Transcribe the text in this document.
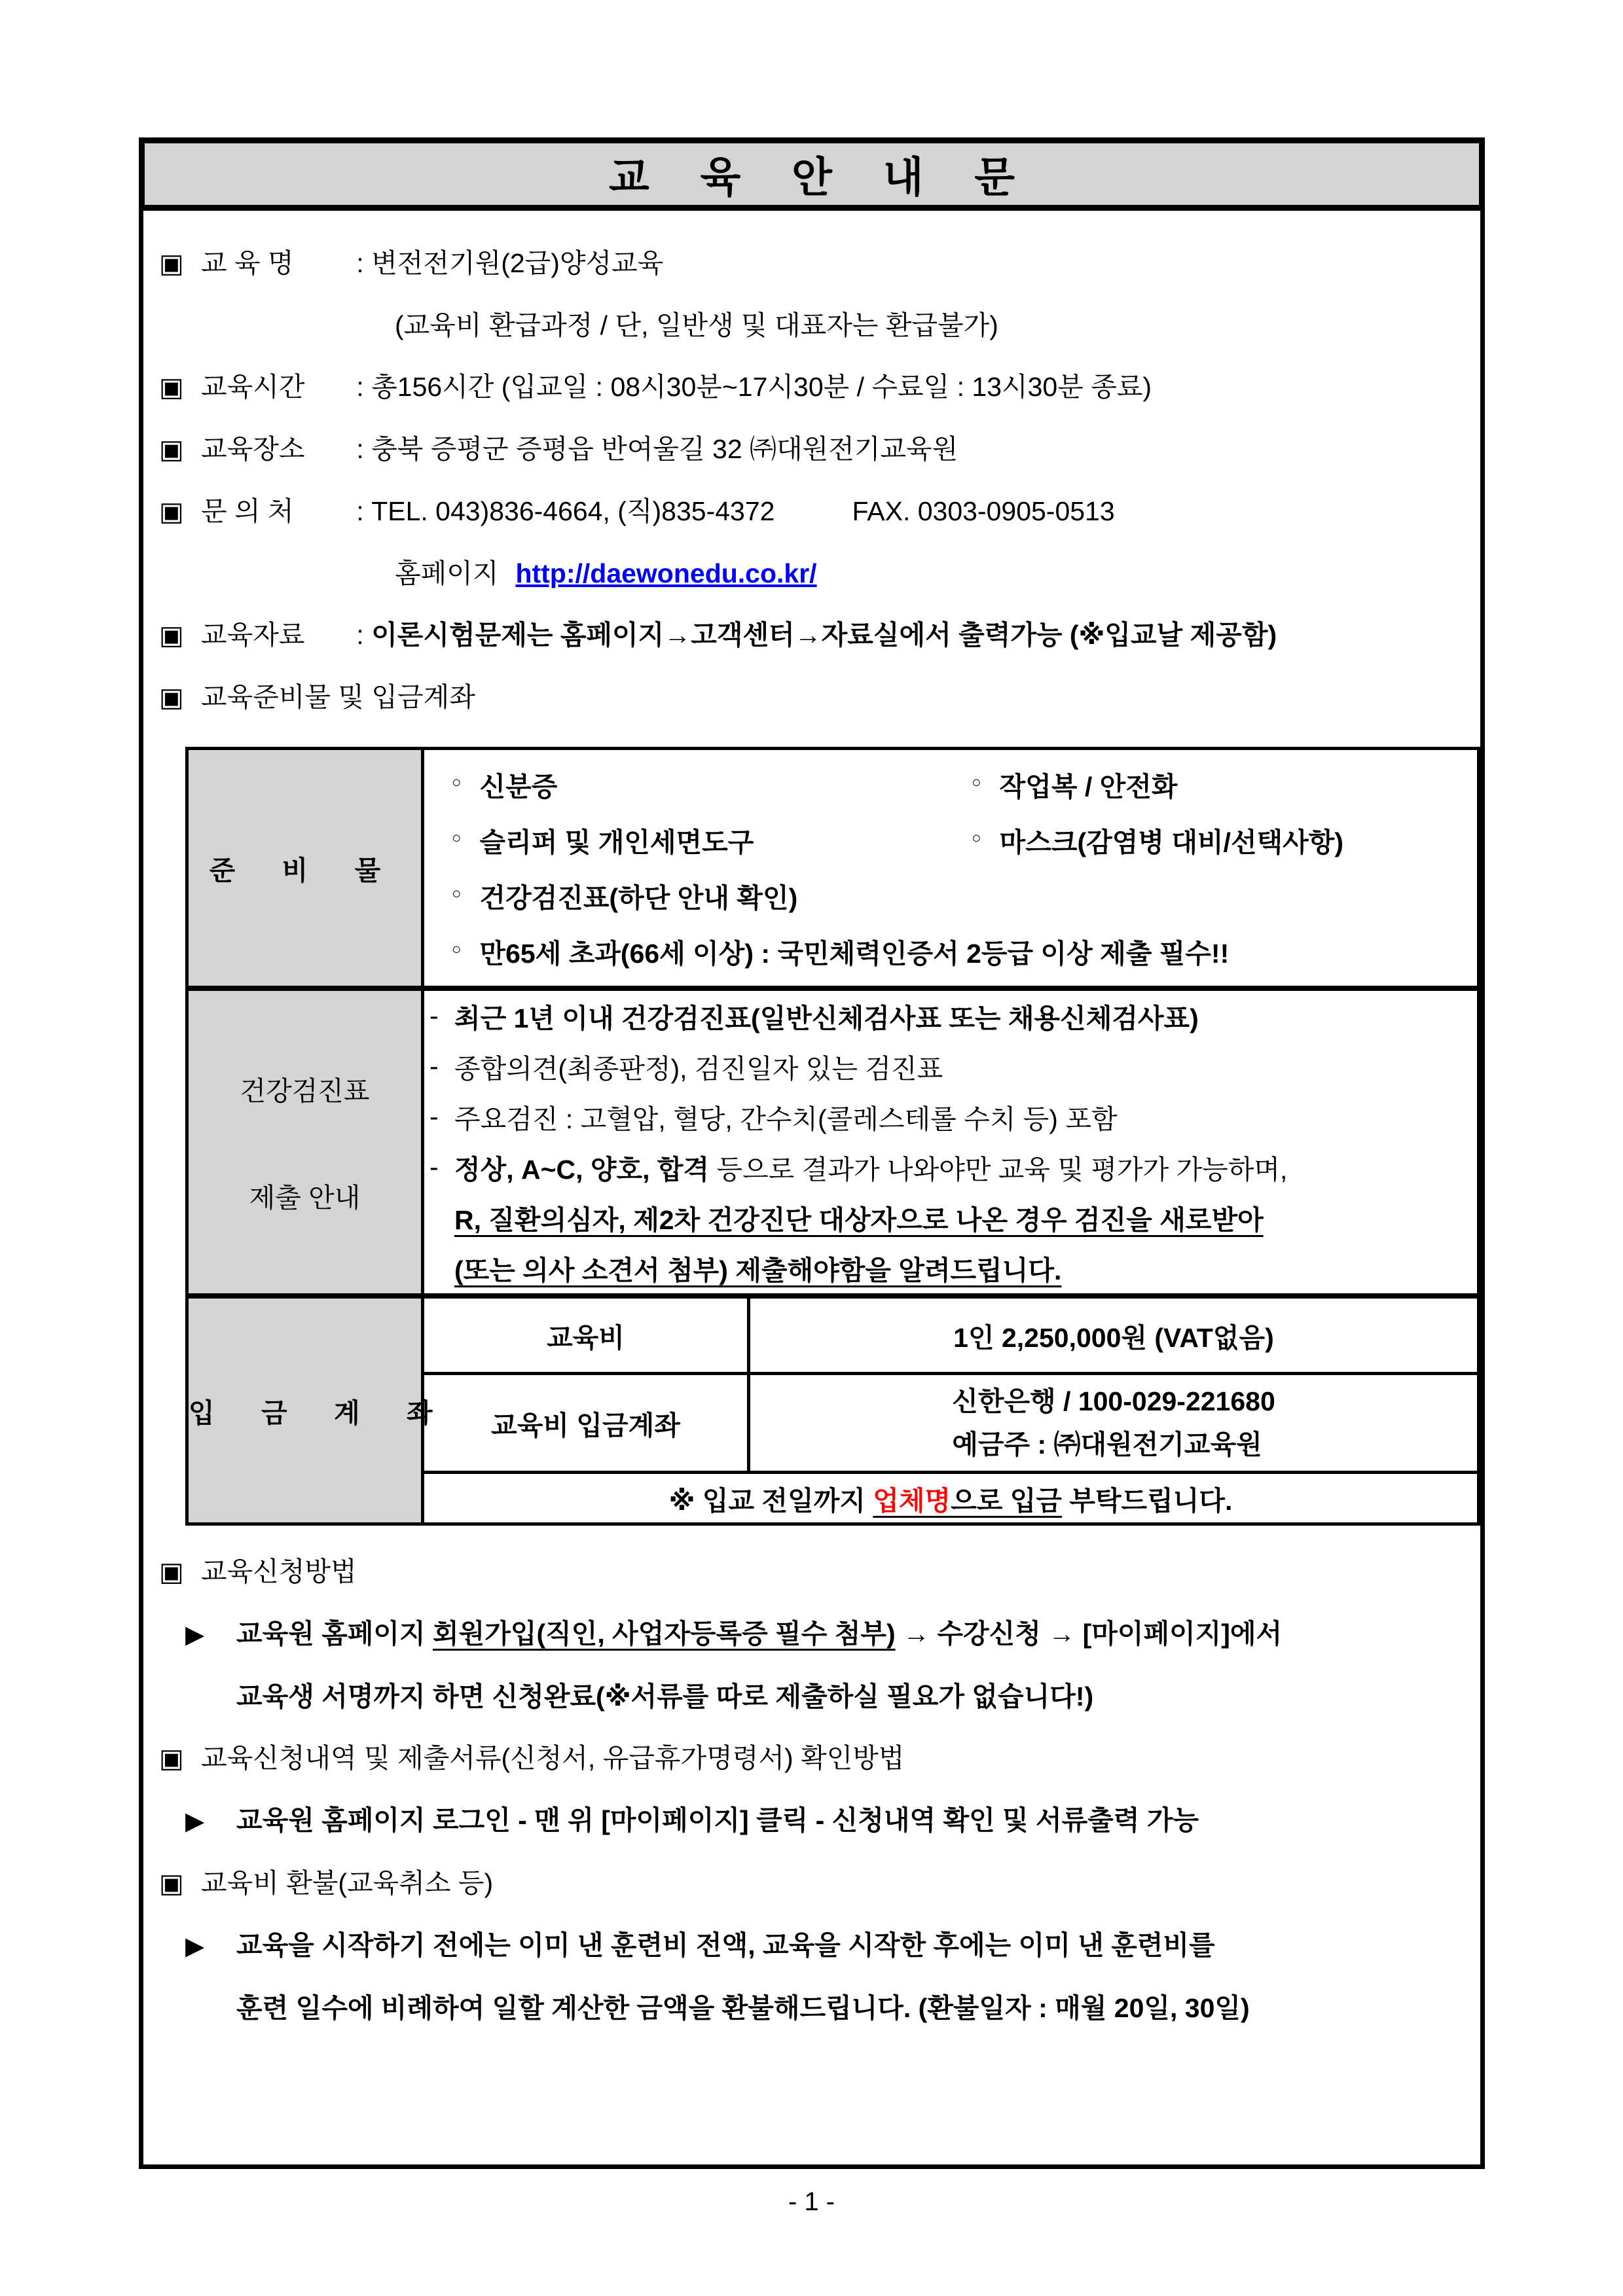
교 육 안 내 문
▣ 교 육 명	: 변전전기원(2급)양성교육
(교육비 환급과정 / 단, 일반생 및 대표자는 환급불가)
▣ 교육시간	: 총156시간 (입교일 : 08시30분~17시30분 / 수료일 : 13시30분 종료)
▣ 교육장소	: 충북 증평군 증평읍 반여울길 32 ㈜대원전기교육원
▣ 문 의 처	: TEL. 043)836-4664, (직)835-4372	FAX. 0303-0905-0513
홈페이지 http://daewonedu.co.kr/
▣ 교육자료	: 이론시험문제는 홈페이지→고객센터→자료실에서 출력가능 (※입교날 제공함)
▣ 교육준비물 및 입금계좌
준 비 물	
○ 신분증	○ 작업복 / 안전화
○ 슬리퍼 및 개인세면도구	○ 마스크(감염병 대비/선택사항)
○ 건강검진표(하단 안내 확인)
○ 만65세 초과(66세 이상) : 국민체력인증서 2등급 이상 제출 필수!!

건강검진표
제출 안내

- 최근 1년 이내 건강검진표(일반신체검사표 또는 채용신체검사표)
- 종합의견(최종판정), 검진일자 있는 검진표
- 주요검진 : 고혈압, 혈당, 간수치(콜레스테롤 수치 등) 포함
- 정상, A~C, 양호, 합격 등으로 결과가 나와야만 교육 및 평가가 가능하며,
R, 질환의심자, 제2차 건강진단 대상자으로 나온 경우 검진을 새로받아
(또는 의사 소견서 첨부) 제출해야함을 알려드립니다.

입 금 계 좌	교육비	1인 2,250,000원 (VAT없음)
	교육비 입금계좌	신한은행 / 100-029-221680
예금주 : ㈜대원전기교육원

	※ 입교 전일까지 업체명으로 입금 부탁드립니다.	
▣ 교육신청방법
▶	교육원 홈페이지 회원가입(직인, 사업자등록증 필수 첨부) → 수강신청 → [마이페이지]에서
교육생 서명까지 하면 신청완료(※서류를 따로 제출하실 필요가 없습니다!)
▣ 교육신청내역 및 제출서류(신청서, 유급휴가명령서) 확인방법
▶	교육원 홈페이지 로그인 - 맨 위 [마이페이지] 클릭 - 신청내역 확인 및 서류출력 가능
▣ 교육비 환불(교육취소 등)
▶	교육을 시작하기 전에는 이미 낸 훈련비 전액, 교육을 시작한 후에는 이미 낸 훈련비를
훈련 일수에 비례하여 일할 계산한 금액을 환불해드립니다. (환불일자 : 매월 20일, 30일)
- 1 -
